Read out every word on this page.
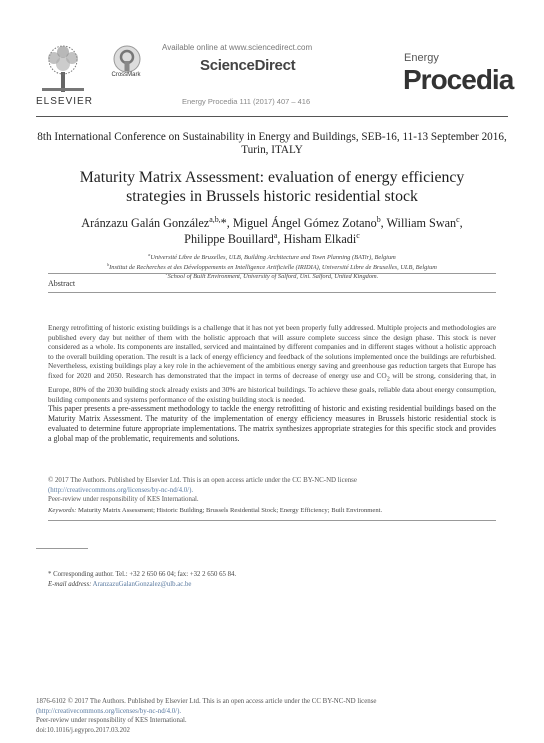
ELSEVIER
CrossMark
Available online at www.sciencedirect.com
ScienceDirect
Energy Procedia 111 (2017) 407 – 416
Energy
Procedia
8th International Conference on Sustainability in Energy and Buildings, SEB-16, 11-13 September 2016, Turin, ITALY
Maturity Matrix Assessment: evaluation of energy efficiency
strategies in Brussels historic residential stock
Aránzazu Galán González$^{a,b,}$*, Miguel Ángel Gómez Zotano$^b$, William Swan$^c$,
Philippe Bouillard$^a$, Hisham Elkadi$^c$
$^a$Université Libre de Bruxelles, ULB, Building Architecture and Town Planning (BATir), Belgium
$^b$Institut de Recherches et des Développements en Intelligence Artificielle (IRIDIA), Université Libre de Bruxelles, ULB, Belgium
School of Built Environment, University of Salford, Uni. Salford, United Kingdom.
Abstract

Energy retrofitting of historic existing buildings is a challenge that it has not yet been properly fully addressed. Multiple projects and methodologies are published every day but neither of them with the holistic approach that will assure complete success since the design phase. This stock is never considered as a whole. Its components are installed, serviced and maintained by different companies and in different stages without a holistic approach to the overall building operation. The result is a lack of energy efficiency and feedback of the solutions implemented once the buildings are refurbished. Nevertheless, existing buildings play a key role in the achievement of the ambitious energy saving and greenhouse gas reduction targets that Europe has fixed for 2020 and 2050. Research has demonstrated that the impact in terms of decrease of energy use and $CO_2$ will be strong, considering that, in Europe, 80% of the 2030 building stock already exists and 30% are historical buildings. To achieve these goals, reliable data about energy consumption, building components and systems performance of the existing building stock is needed.

This paper presents a pre-assessment methodology to tackle the energy retrofitting of historic and existing residential buildings based on the Maturity Matrix Assessment. The maturity of the implementation of energy efficiency measures in Brussels historic residential stock is evaluated to determine future appropriate implementations. The matrix synthesizes appropriate strategies for this specific stock and provides a global map of the problematic, requirements and solutions.

© 2017 The Authors. Published by Elsevier Ltd. This is an open access article under the CC BY-NC-ND license
(http://creativecommons.org/licenses/by-nc-nd/4.0/).
Peer-review under responsibility of KES International.
Keywords: Maturity Matrix Assessment; Historic Building; Brussels Residential Stock; Energy Efficiency; Built Environment.
* Corresponding author. Tel.: +32 2 650 66 04; fax: +32 2 650 65 84.
E-mail address: AranzazuGalanGonzalez@ulb.ac.be
1876-6102 © 2017 The Authors. Published by Elsevier Ltd. This is an open access article under the CC BY-NC-ND license
(http://creativecommons.org/licenses/by-nc-nd/4.0/).
Peer-review under responsibility of KES International.
doi:10.1016/j.egypro.2017.03.202
